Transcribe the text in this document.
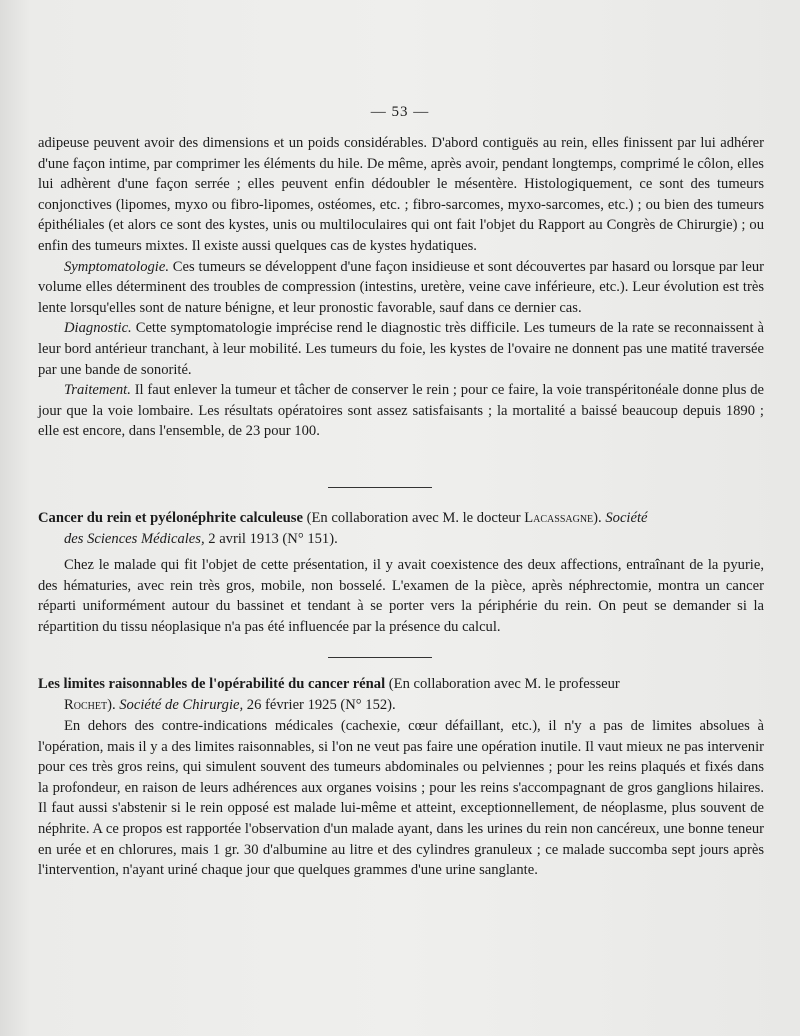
— 53 —

adipeuse peuvent avoir des dimensions et un poids considérables. D'abord contiguës au rein, elles finissent par lui adhérer d'une façon intime, par comprimer les éléments du hile. De même, après avoir, pendant longtemps, comprimé le côlon, elles lui adhèrent d'une façon serrée ; elles peuvent enfin dédoubler le mésentère. Histologiquement, ce sont des tumeurs conjonctives (lipomes, myxo ou fibro-lipomes, ostéomes, etc. ; fibro-sarcomes, myxo-sarcomes, etc.) ; ou bien des tumeurs épithéliales (et alors ce sont des kystes, unis ou multiloculaires qui ont fait l'objet du Rapport au Congrès de Chirurgie) ; ou enfin des tumeurs mixtes. Il existe aussi quelques cas de kystes hydatiques.

Symptomatologie. Ces tumeurs se développent d'une façon insidieuse et sont découvertes par hasard ou lorsque par leur volume elles déterminent des troubles de compression (intestins, uretère, veine cave inférieure, etc.). Leur évolution est très lente lorsqu'elles sont de nature bénigne, et leur pronostic favorable, sauf dans ce dernier cas.

Diagnostic. Cette symptomatologie imprécise rend le diagnostic très difficile. Les tumeurs de la rate se reconnaissent à leur bord antérieur tranchant, à leur mobilité. Les tumeurs du foie, les kystes de l'ovaire ne donnent pas une matité traversée par une bande de sonorité.

Traitement. Il faut enlever la tumeur et tâcher de conserver le rein ; pour ce faire, la voie transpéritonéale donne plus de jour que la voie lombaire. Les résultats opératoires sont assez satisfaisants ; la mortalité a baissé beaucoup depuis 1890 ; elle est encore, dans l'ensemble, de 23 pour 100.

Cancer du rein et pyélonéphrite calculeuse (En collaboration avec M. le docteur Lacassagne). Société

des Sciences Médicales, 2 avril 1913 (N° 151).

Chez le malade qui fit l'objet de cette présentation, il y avait coexistence des deux affections, entraînant de la pyurie, des hématuries, avec rein très gros, mobile, non bosselé. L'examen de la pièce, après néphrectomie, montra un cancer réparti uniformément autour du bassinet et tendant à se porter vers la périphérie du rein. On peut se demander si la répartition du tissu néoplasique n'a pas été influencée par la présence du calcul.

Les limites raisonnables de l'opérabilité du cancer rénal (En collaboration avec M. le professeur

Rochet). Société de Chirurgie, 26 février 1925 (N° 152).

En dehors des contre-indications médicales (cachexie, cœur défaillant, etc.), il n'y a pas de limites absolues à l'opération, mais il y a des limites raisonnables, si l'on ne veut pas faire une opération inutile. Il vaut mieux ne pas intervenir pour ces très gros reins, qui simulent souvent des tumeurs abdominales ou pelviennes ; pour les reins plaqués et fixés dans la profondeur, en raison de leurs adhérences aux organes voisins ; pour les reins s'accompagnant de gros ganglions hilaires. Il faut aussi s'abstenir si le rein opposé est malade lui-même et atteint, exceptionnellement, de néoplasme, plus souvent de néphrite. A ce propos est rapportée l'observation d'un malade ayant, dans les urines du rein non cancéreux, une bonne teneur en urée et en chlorures, mais 1 gr. 30 d'albumine au litre et des cylindres granuleux ; ce malade succomba sept jours après l'intervention, n'ayant uriné chaque jour que quelques grammes d'une urine sanglante.
